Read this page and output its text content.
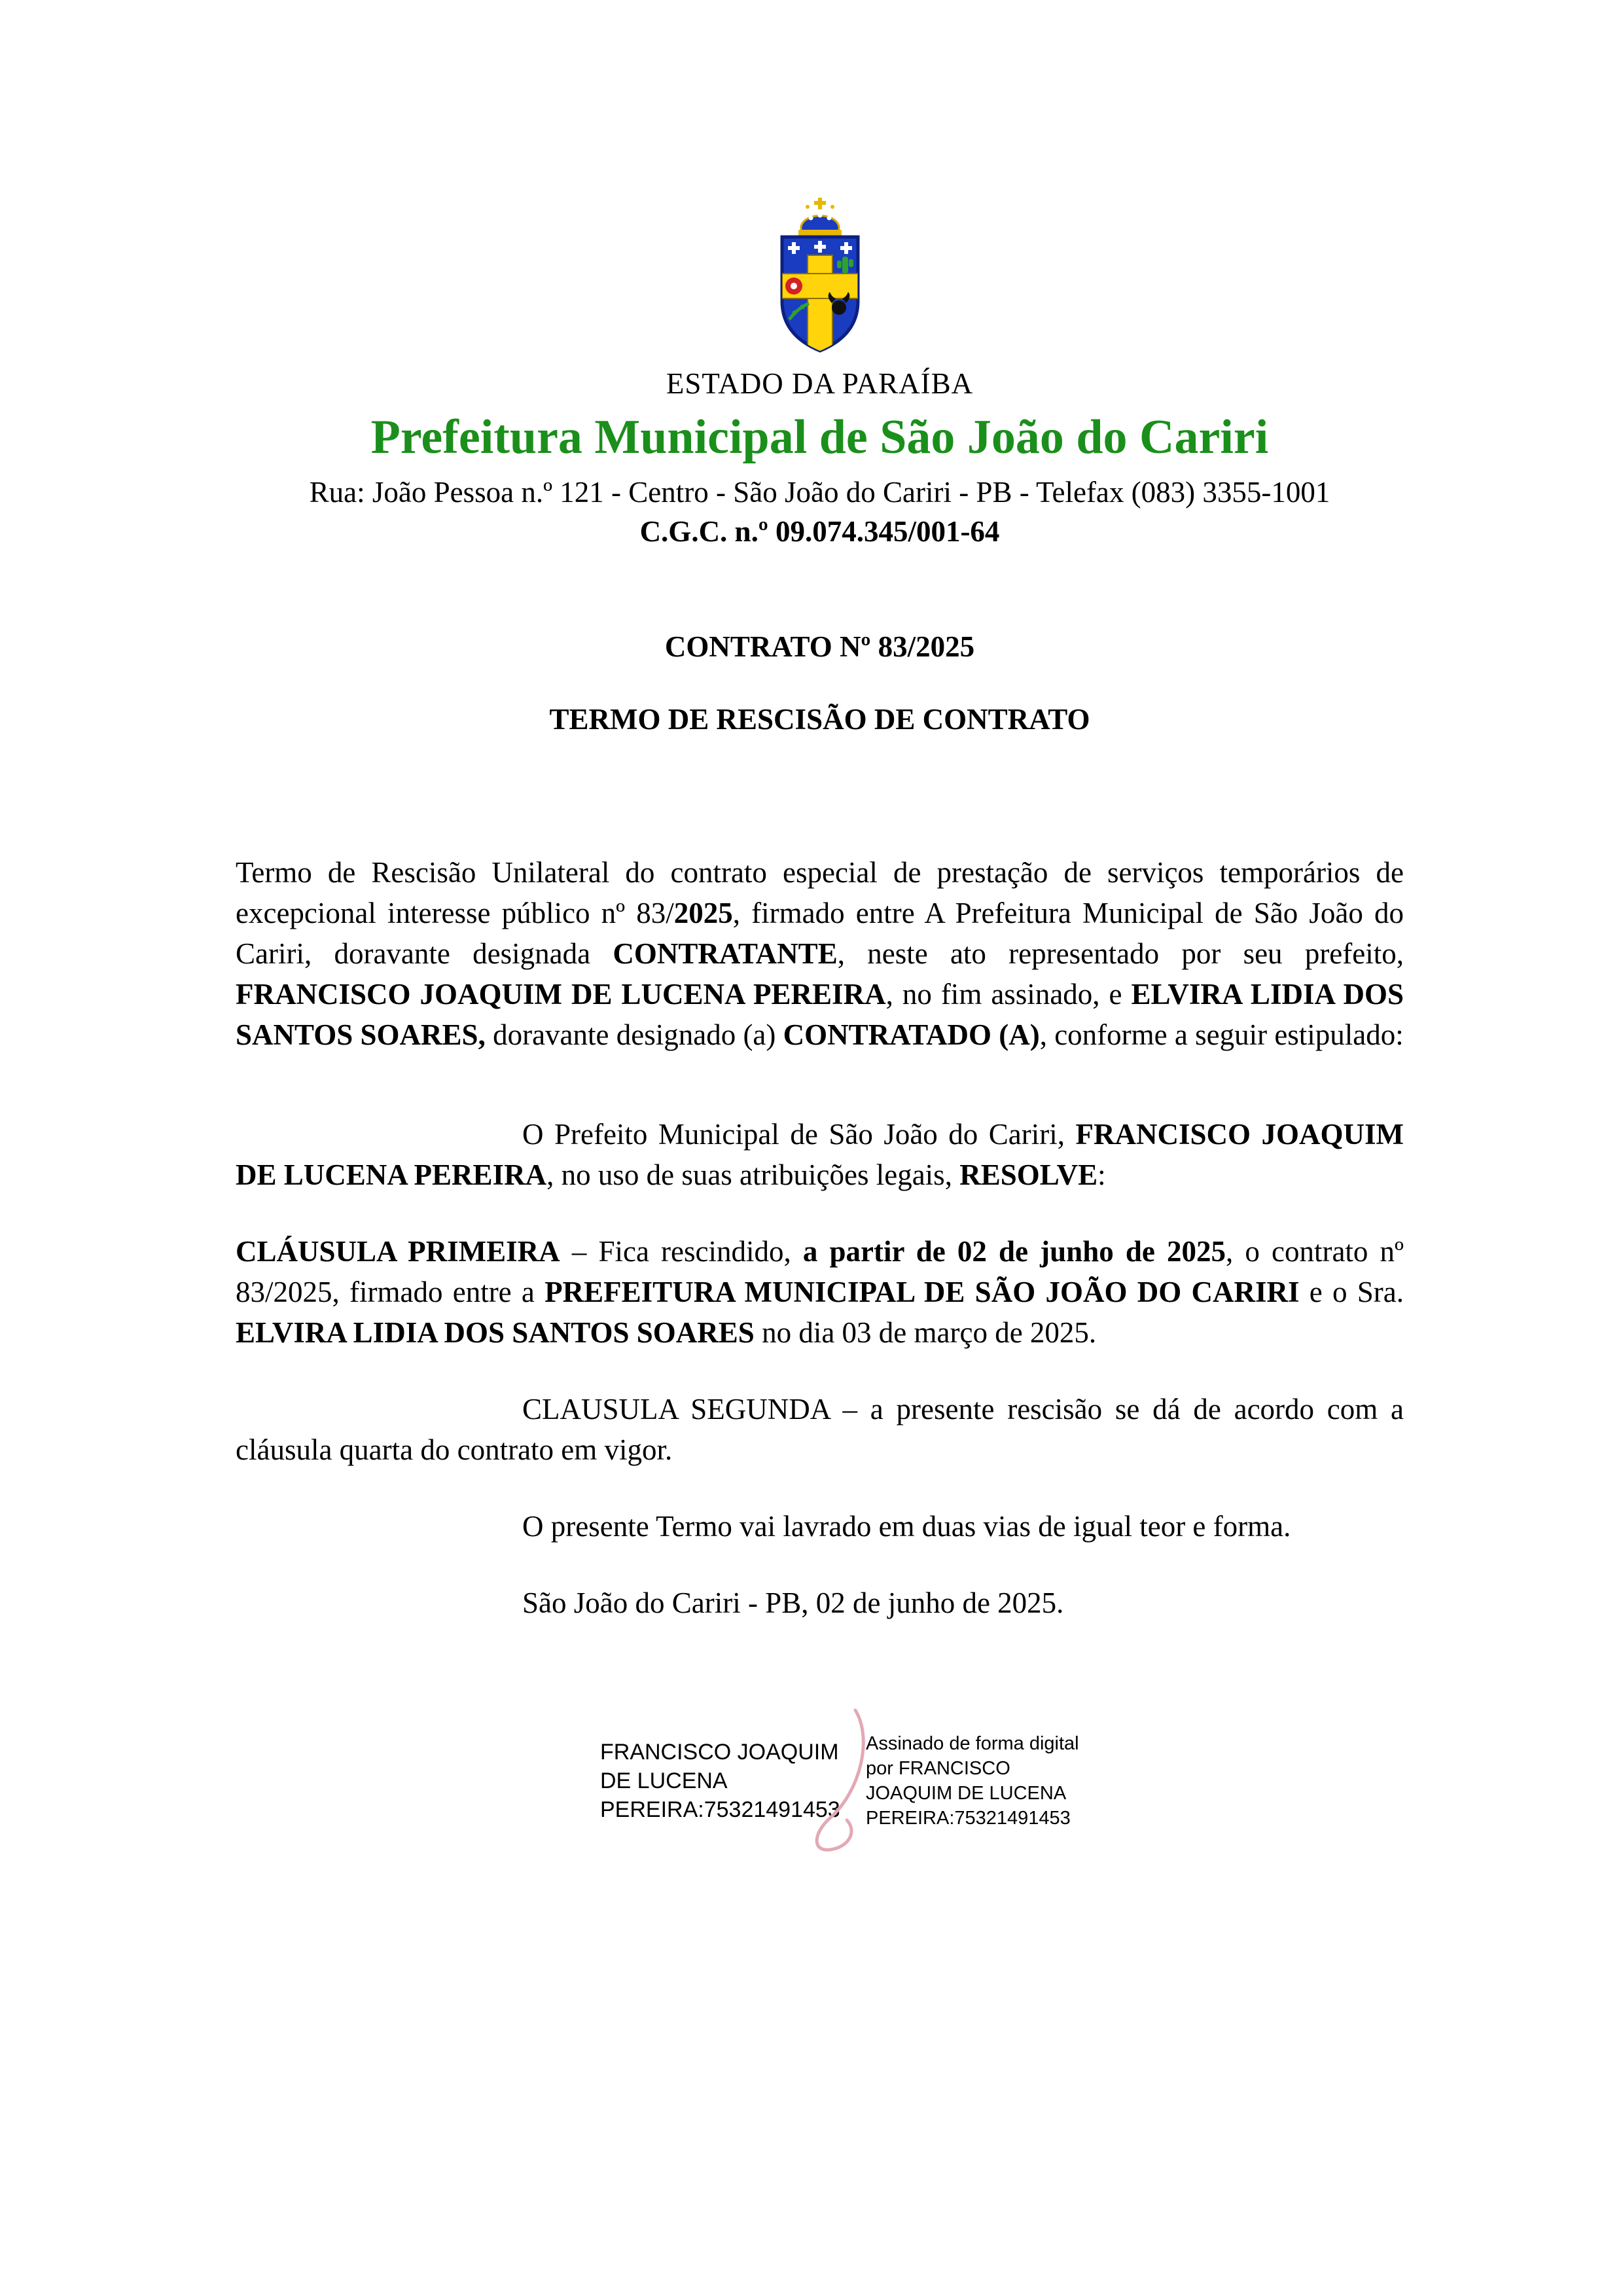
ESTADO DA PARAÍBA
Prefeitura Municipal de São João do Cariri
Rua: João Pessoa n.º 121 - Centro - São João do Cariri - PB - Telefax (083) 3355-1001
C.G.C. n.º 09.074.345/001-64
CONTRATO Nº 83/2025
TERMO DE RESCISÃO DE CONTRATO

Termo de Rescisão Unilateral do contrato especial de prestação de serviços temporários de excepcional interesse público nº 83/2025, firmado entre A Prefeitura Municipal de São João do Cariri, doravante designada CONTRATANTE, neste ato representado por seu prefeito, FRANCISCO JOAQUIM DE LUCENA PEREIRA, no fim assinado, e ELVIRA LIDIA DOS SANTOS SOARES, doravante designado (a) CONTRATADO (A), conforme a seguir estipulado:

O Prefeito Municipal de São João do Cariri, FRANCISCO JOAQUIM DE LUCENA PEREIRA, no uso de suas atribuições legais, RESOLVE:

CLÁUSULA PRIMEIRA – Fica rescindido, a partir de 02 de junho de 2025, o contrato nº 83/2025, firmado entre a PREFEITURA MUNICIPAL DE SÃO JOÃO DO CARIRI e o Sra. ELVIRA LIDIA DOS SANTOS SOARES no dia 03 de março de 2025.

CLAUSULA SEGUNDA – a presente rescisão se dá de acordo com a cláusula quarta do contrato em vigor.

O presente Termo vai lavrado em duas vias de igual teor e forma.

São João do Cariri - PB, 02 de junho de 2025.

FRANCISCO JOAQUIM DE LUCENA PEREIRA:75321491453
Assinado de forma digital por FRANCISCO JOAQUIM DE LUCENA PEREIRA:75321491453
